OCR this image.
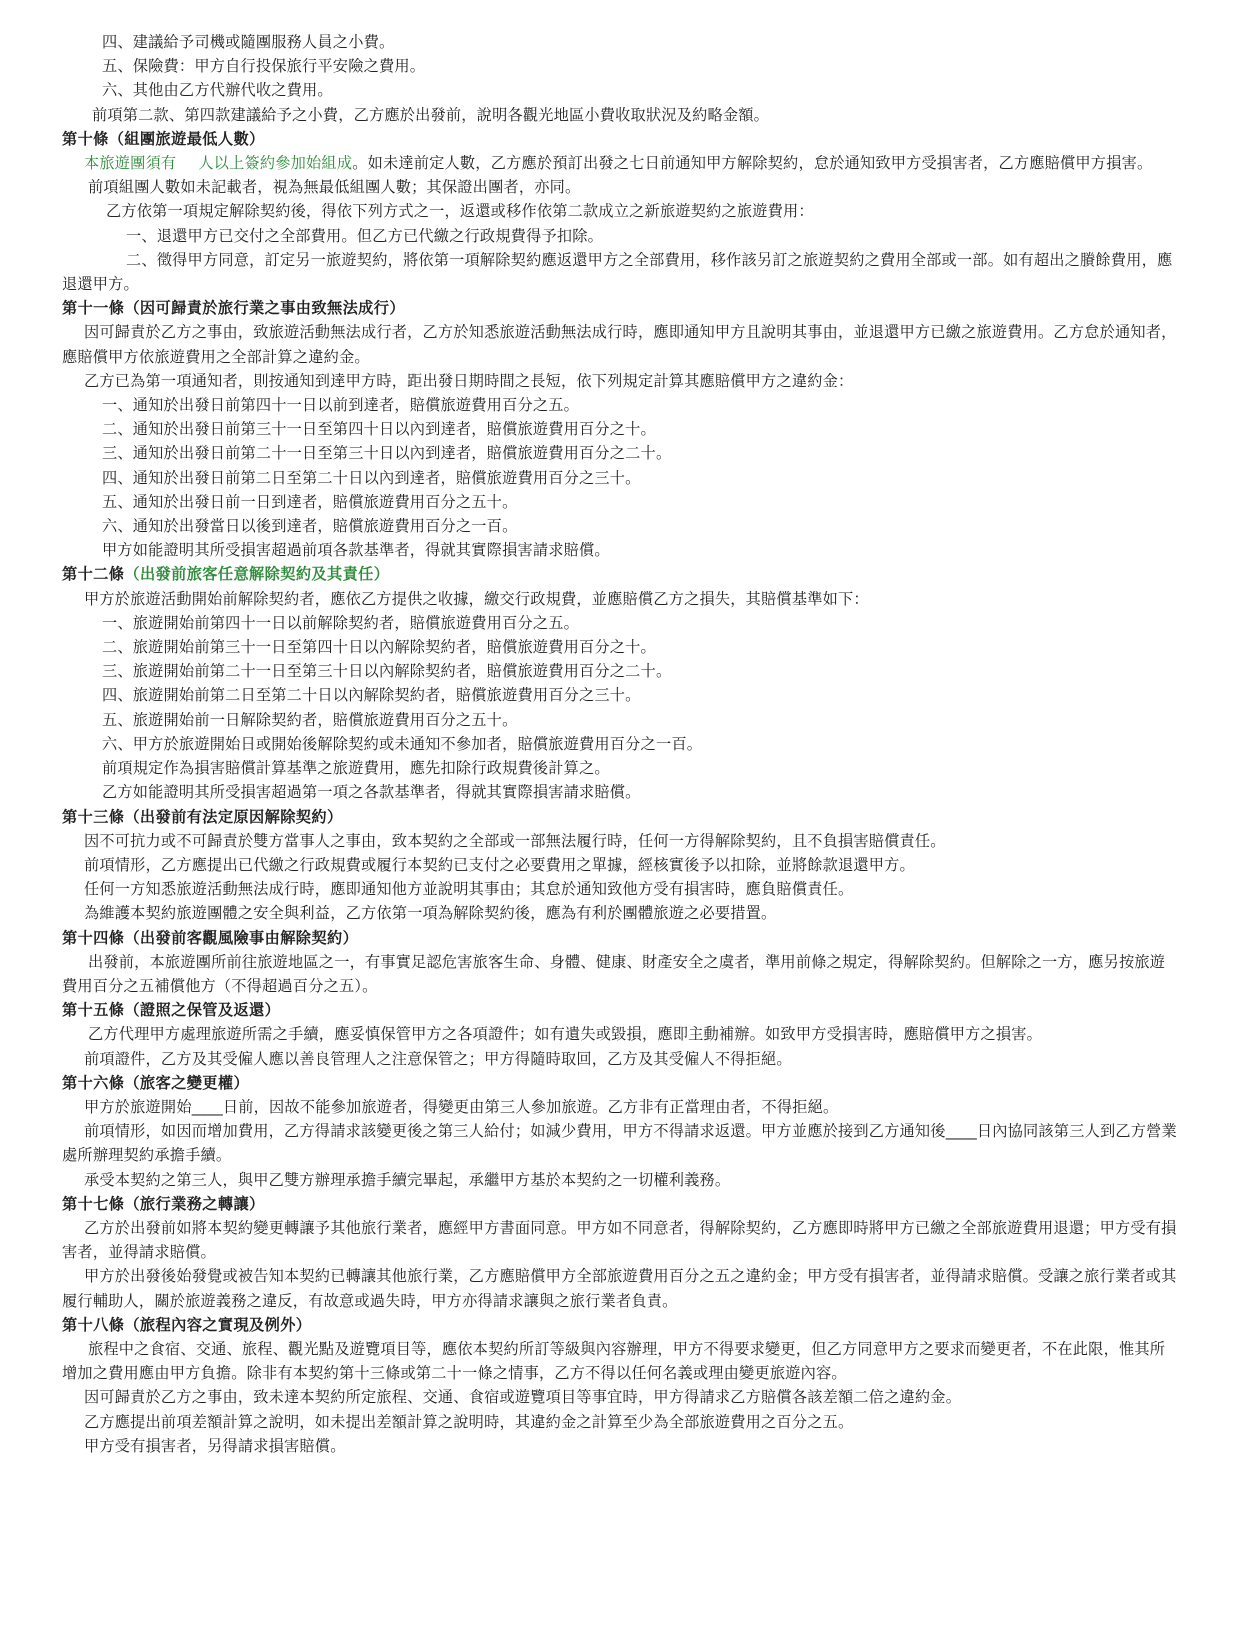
四、建議給予司機或隨團服務人員之小費。
五、保險費：甲方自行投保旅行平安險之費用。
六、其他由乙方代辦代收之費用。
前項第二款、第四款建議給予之小費，乙方應於出發前，說明各觀光地區小費收取狀況及約略金額。
第十條（組團旅遊最低人數）
本旅遊團須有 人以上簽約參加始組成。如未達前定人數，乙方應於預訂出發之七日前通知甲方解除契約，怠於通知致甲方受損害者，乙方應賠償甲方損害。
前項組團人數如未記載者，視為無最低組團人數；其保證出團者，亦同。
乙方依第一項規定解除契約後，得依下列方式之一，返還或移作依第二款成立之新旅遊契約之旅遊費用：
一、退還甲方已交付之全部費用。但乙方已代繳之行政規費得予扣除。
二、徵得甲方同意，訂定另一旅遊契約，將依第一項解除契約應返還甲方之全部費用，移作該另訂之旅遊契約之費用全部或一部。如有超出之賸餘費用，應退還甲方。
第十一條（因可歸責於旅行業之事由致無法成行）
因可歸責於乙方之事由，致旅遊活動無法成行者，乙方於知悉旅遊活動無法成行時，應即通知甲方且說明其事由，並退還甲方已繳之旅遊費用。乙方怠於通知者，應賠償甲方依旅遊費用之全部計算之違約金。
乙方已為第一項通知者，則按通知到達甲方時，距出發日期時間之長短，依下列規定計算其應賠償甲方之違約金：
一、通知於出發日前第四十一日以前到達者，賠償旅遊費用百分之五。
二、通知於出發日前第三十一日至第四十日以內到達者，賠償旅遊費用百分之十。
三、通知於出發日前第二十一日至第三十日以內到達者，賠償旅遊費用百分之二十。
四、通知於出發日前第二日至第二十日以內到達者，賠償旅遊費用百分之三十。
五、通知於出發日前一日到達者，賠償旅遊費用百分之五十。
六、通知於出發當日以後到達者，賠償旅遊費用百分之一百。
甲方如能證明其所受損害超過前項各款基準者，得就其實際損害請求賠償。
第十二條（出發前旅客任意解除契約及其責任）
甲方於旅遊活動開始前解除契約者，應依乙方提供之收據，繳交行政規費，並應賠償乙方之損失，其賠償基準如下：
一、旅遊開始前第四十一日以前解除契約者，賠償旅遊費用百分之五。
二、旅遊開始前第三十一日至第四十日以內解除契約者，賠償旅遊費用百分之十。
三、旅遊開始前第二十一日至第三十日以內解除契約者，賠償旅遊費用百分之二十。
四、旅遊開始前第二日至第二十日以內解除契約者，賠償旅遊費用百分之三十。
五、旅遊開始前一日解除契約者，賠償旅遊費用百分之五十。
六、甲方於旅遊開始日或開始後解除契約或未通知不參加者，賠償旅遊費用百分之一百。
前項規定作為損害賠償計算基準之旅遊費用，應先扣除行政規費後計算之。
乙方如能證明其所受損害超過第一項之各款基準者，得就其實際損害請求賠償。
第十三條（出發前有法定原因解除契約）
因不可抗力或不可歸責於雙方當事人之事由，致本契約之全部或一部無法履行時，任何一方得解除契約，且不負損害賠償責任。
前項情形，乙方應提出已代繳之行政規費或履行本契約已支付之必要費用之單據，經核實後予以扣除，並將餘款退還甲方。
任何一方知悉旅遊活動無法成行時，應即通知他方並說明其事由；其怠於通知致他方受有損害時，應負賠償責任。
為維護本契約旅遊團體之安全與利益，乙方依第一項為解除契約後，應為有利於團體旅遊之必要措置。
第十四條（出發前客觀風險事由解除契約）
出發前，本旅遊團所前往旅遊地區之一，有事實足認危害旅客生命、身體、健康、財產安全之虞者，準用前條之規定，得解除契約。但解除之一方，應另按旅遊費用百分之五補償他方（不得超過百分之五）。
第十五條（證照之保管及返還）
乙方代理甲方處理旅遊所需之手續，應妥慎保管甲方之各項證件；如有遺失或毀損，應即主動補辦。如致甲方受損害時，應賠償甲方之損害。
前項證件，乙方及其受僱人應以善良管理人之注意保管之；甲方得隨時取回，乙方及其受僱人不得拒絕。
第十六條（旅客之變更權）
甲方於旅遊開始____日前，因故不能參加旅遊者，得變更由第三人參加旅遊。乙方非有正當理由者，不得拒絕。
前項情形，如因而增加費用，乙方得請求該變更後之第三人給付；如減少費用，甲方不得請求返還。甲方並應於接到乙方通知後____日內協同該第三人到乙方營業處所辦理契約承擔手續。
承受本契約之第三人，與甲乙雙方辦理承擔手續完畢起，承繼甲方基於本契約之一切權利義務。
第十七條（旅行業務之轉讓）
乙方於出發前如將本契約變更轉讓予其他旅行業者，應經甲方書面同意。甲方如不同意者，得解除契約，乙方應即時將甲方已繳之全部旅遊費用退還；甲方受有損害者，並得請求賠償。
甲方於出發後始發覺或被告知本契約已轉讓其他旅行業，乙方應賠償甲方全部旅遊費用百分之五之違約金；甲方受有損害者，並得請求賠償。受讓之旅行業者或其履行輔助人，關於旅遊義務之違反，有故意或過失時，甲方亦得請求讓與之旅行業者負責。
第十八條（旅程內容之實現及例外）
旅程中之食宿、交通、旅程、觀光點及遊覽項目等，應依本契約所訂等級與內容辦理，甲方不得要求變更，但乙方同意甲方之要求而變更者，不在此限，惟其所增加之費用應由甲方負擔。除非有本契約第十三條或第二十一條之情事，乙方不得以任何名義或理由變更旅遊內容。
因可歸責於乙方之事由，致未達本契約所定旅程、交通、食宿或遊覽項目等事宜時，甲方得請求乙方賠償各該差額二倍之違約金。
乙方應提出前項差額計算之說明，如未提出差額計算之說明時，其違約金之計算至少為全部旅遊費用之百分之五。
甲方受有損害者，另得請求損害賠償。
